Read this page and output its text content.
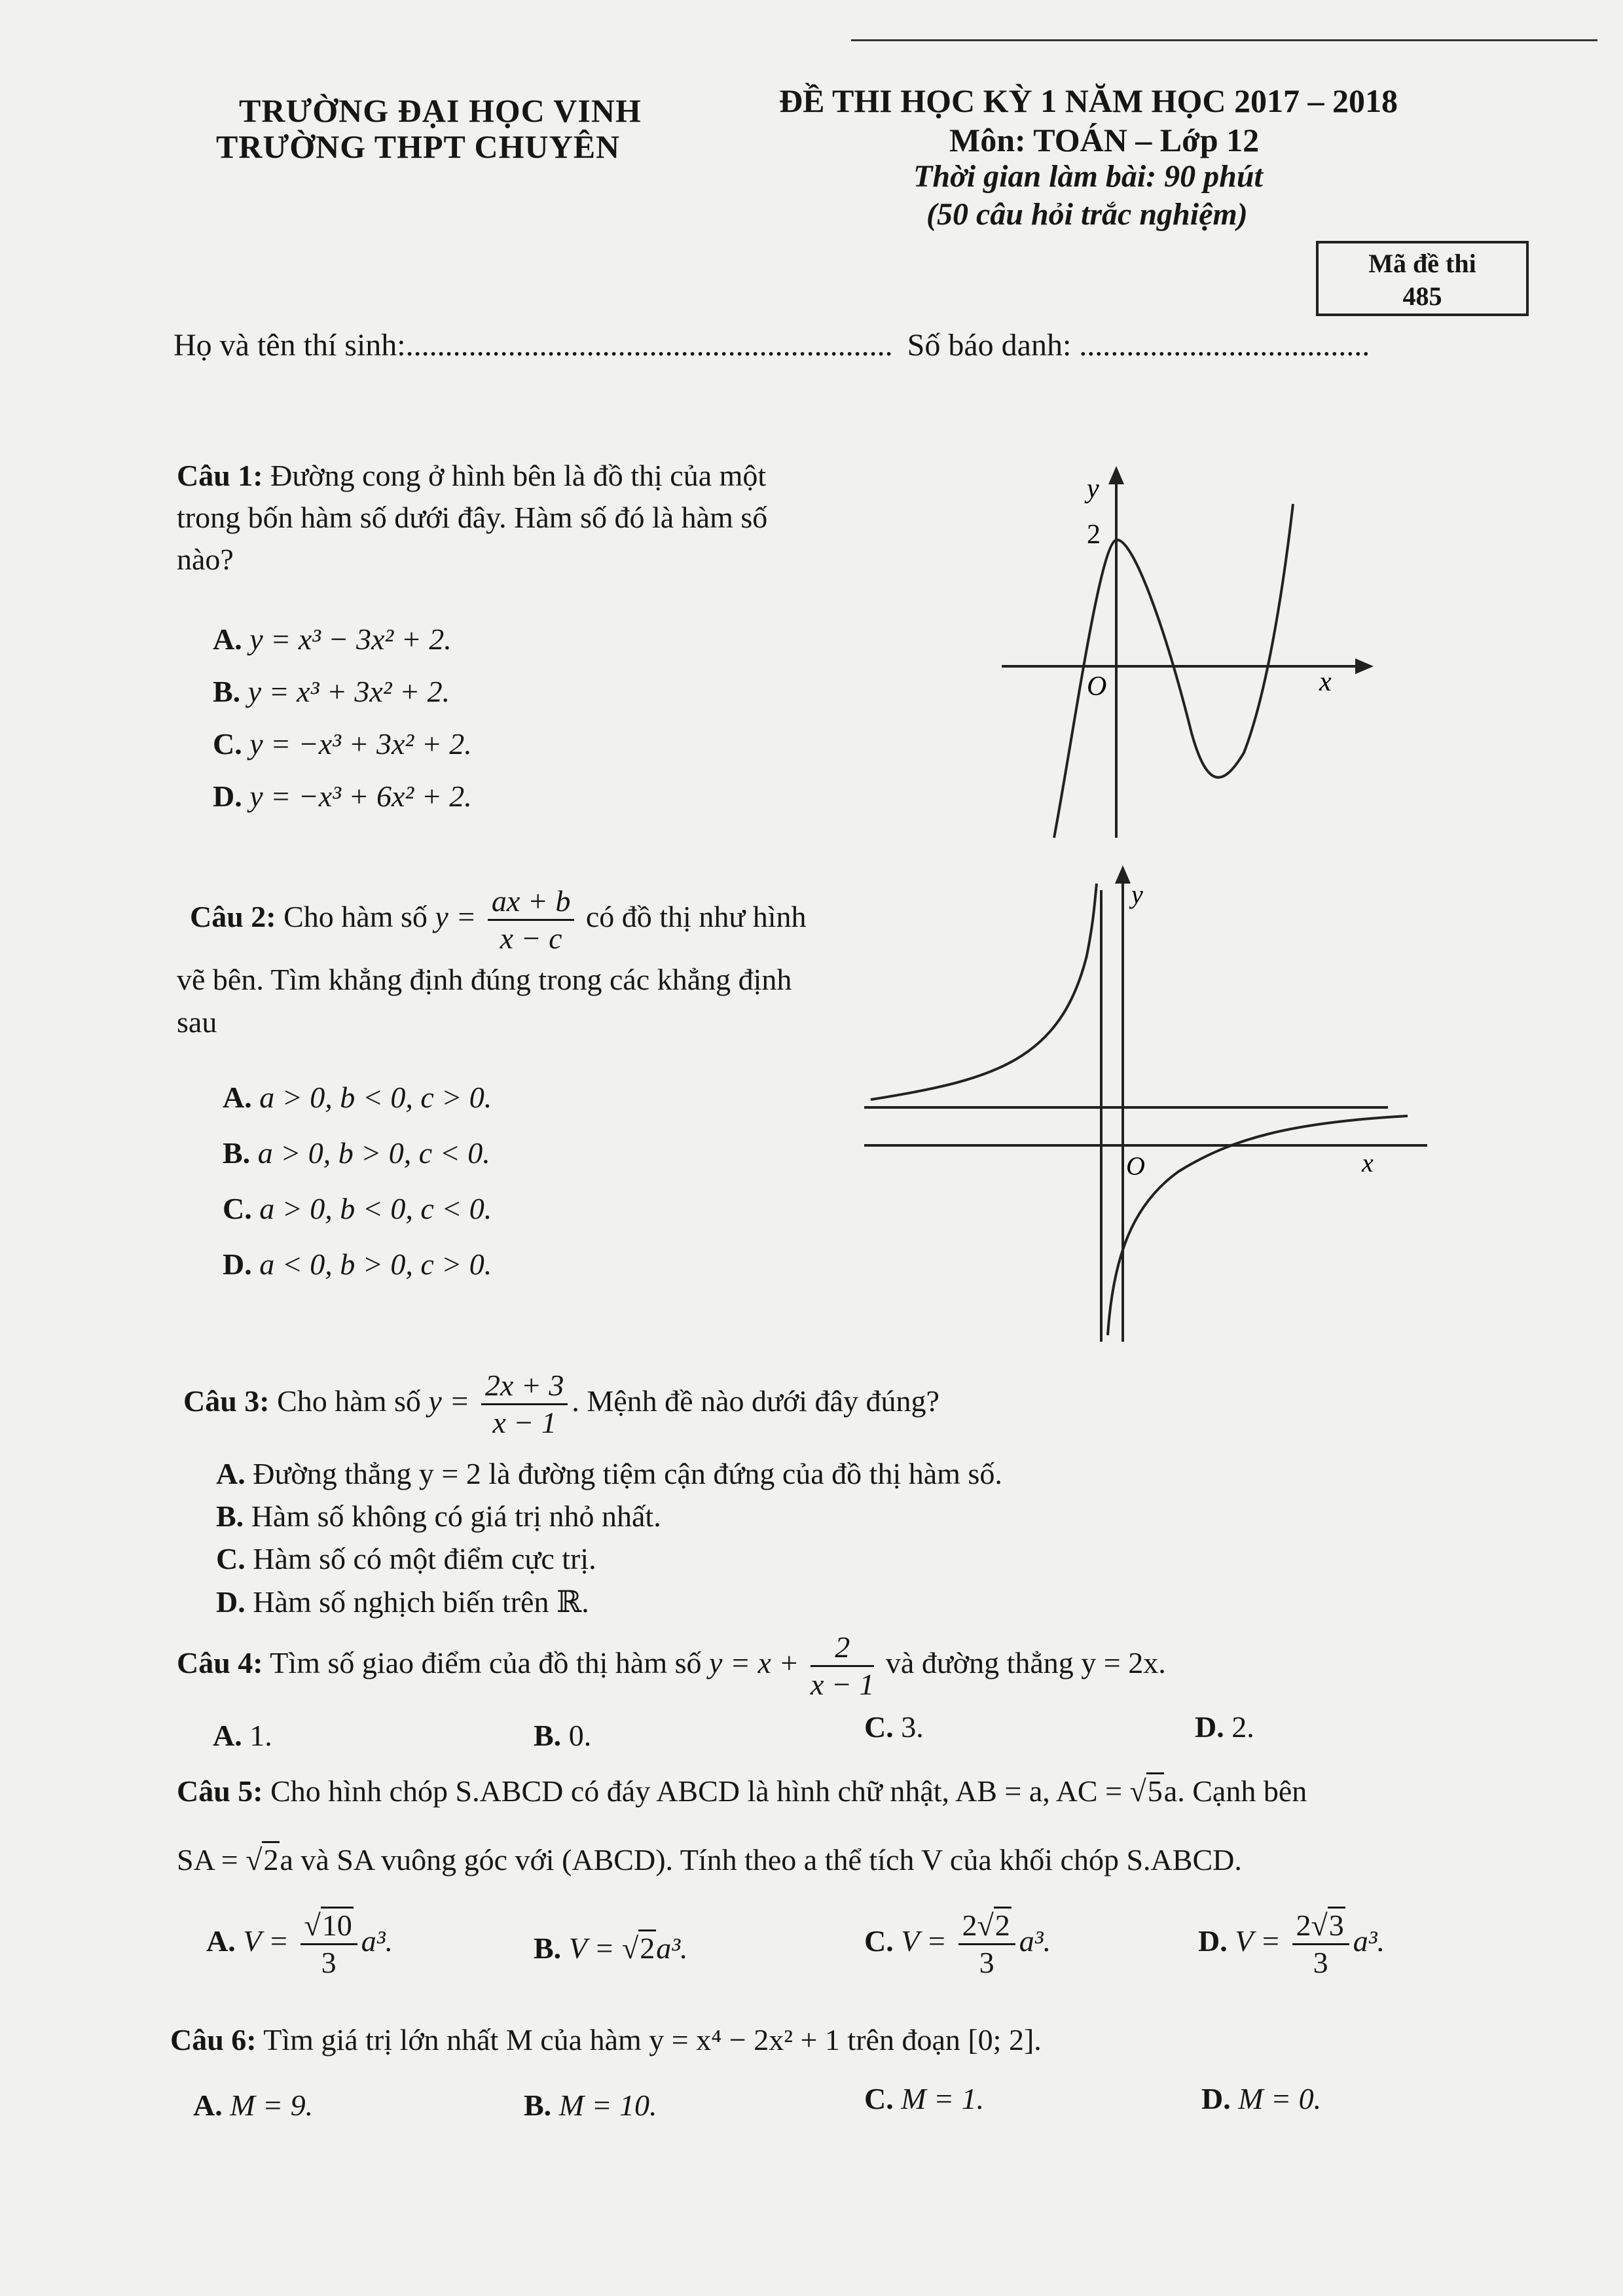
TRƯỜNG ĐẠI HỌC VINH
TRƯỜNG THPT CHUYÊN
ĐỀ THI HỌC KỲ 1 NĂM HỌC 2017 – 2018
Môn: TOÁN – Lớp 12
Thời gian làm bài: 90 phút
(50 câu hỏi trắc nghiệm)
Mã đề thi
485
Họ và tên thí sinh:.............................................................. Số báo danh: .....................................
Câu 1: Đường cong ở hình bên là đồ thị của một
trong bốn hàm số dưới đây. Hàm số đó là hàm số
nào?
A. y = x³ − 3x² + 2.
B. y = x³ + 3x² + 2.
C. y = −x³ + 3x² + 2.
D. y = −x³ + 6x² + 2.
y
x
O
2
Câu 2: Cho hàm số $y = \frac{ax + b}{x - c}$ có đồ thị như hình
vẽ bên. Tìm khẳng định đúng trong các khẳng định
sau
A. a > 0, b < 0, c > 0.
B. a > 0, b > 0, c < 0.
C. a > 0, b < 0, c < 0.
D. a < 0, b > 0, c > 0.
y
x
O
Câu 3: Cho hàm số $y = \frac{2x + 3}{x - 1}$ . Mệnh đề nào dưới đây đúng?
A. Đường thẳng y = 2 là đường tiệm cận đứng của đồ thị hàm số.
B. Hàm số không có giá trị nhỏ nhất.
C. Hàm số có một điểm cực trị.
D. Hàm số nghịch biến trên ℝ.
Câu 4: Tìm số giao điểm của đồ thị hàm số $y = x + \frac{2}{x - 1}$ và đường thẳng y = 2x.
A. 1.	B. 0.	C. 3.	D. 2.
Câu 5: Cho hình chóp S.ABCD có đáy ABCD là hình chữ nhật, AB = a, AC = √5a. Cạnh bên
SA = √2a và SA vuông góc với (ABCD). Tính theo a thể tích V của khối chóp S.ABCD.
A. $V = \frac{√10}{3} a^3$.	B. V = √2a³.	C. $V = \frac{2√2}{3} a^3$.	D. $V = \frac{2√3}{3} a^3$.
Câu 6: Tìm giá trị lớn nhất M của hàm y = x⁴ − 2x² + 1 trên đoạn [0; 2].
A. M = 9.	B. M = 10.	C. M = 1.	D. M = 0.
